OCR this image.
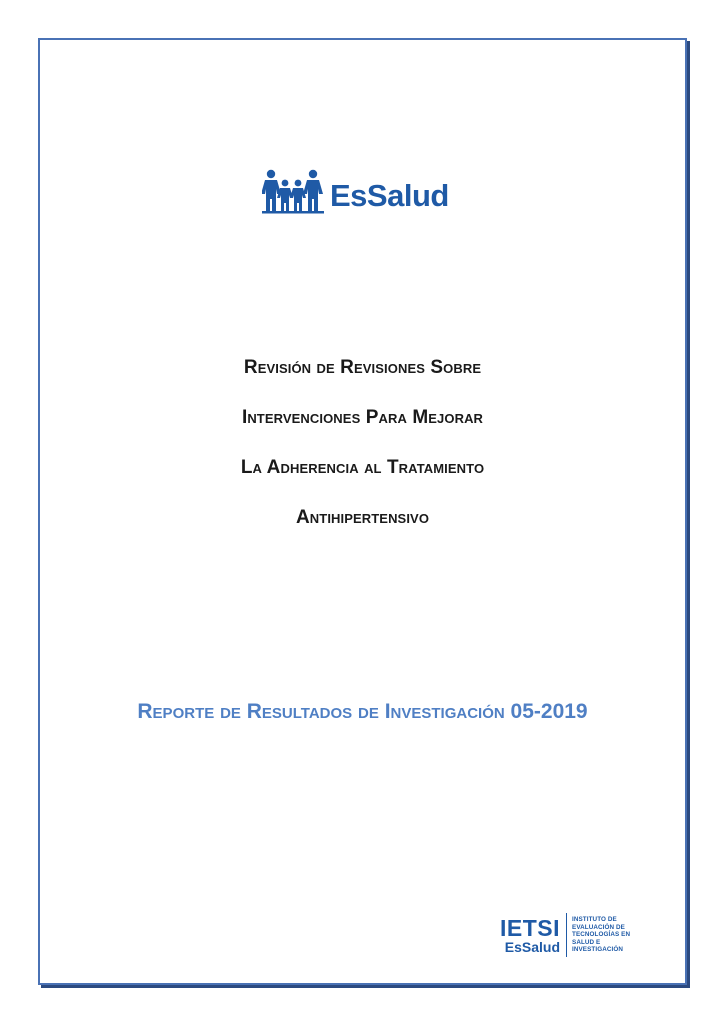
EsSalud
Revisión de Revisiones Sobre
Intervenciones Para Mejorar
La Adherencia al Tratamiento
Antihipertensivo
Reporte de Resultados de Investigación 05-2019
IETSI
EsSalud
INSTITUTO DE
EVALUACIÓN DE
TECNOLOGÍAS EN
SALUD E
INVESTIGACIÓN
